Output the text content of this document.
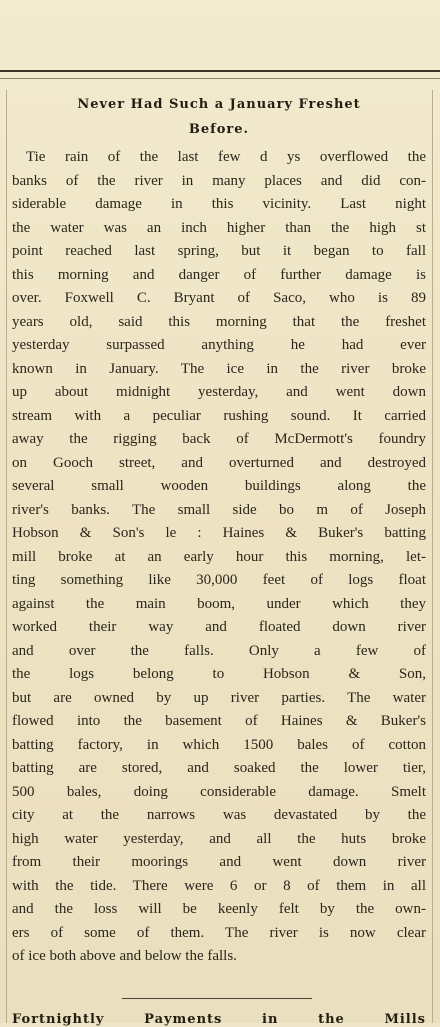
Never Had Such a January Freshet
Before.
Tie rain of the last few d ys overflowed the
banks of the river in many places and did con-
siderable damage in this vicinity. Last night
the water was an inch higher than the high st
point reached last spring, but it began to fall
this morning and danger of further damage is
over. Foxwell C. Bryant of Saco, who is 89
years old, said this morning that the freshet
yesterday surpassed anything he had ever
known in January. The ice in the river broke
up about midnight yesterday, and went down
stream with a peculiar rushing sound. It carried
away the rigging back of McDermott's foundry
on Gooch street, and overturned and destroyed
several small wooden buildings along the
river's banks. The small side bo m of Joseph
Hobson & Son's le : Haines & Buker's batting
mill broke at an early hour this morning, let-
ting something like 30,000 feet of logs float
against the main boom, under which they
worked their way and floated down river
and over the falls. Only a few of
the logs belong to Hobson & Son,
but are owned by up river parties. The water
flowed into the basement of Haines & Buker's
batting factory, in which 1500 bales of cotton
batting are stored, and soaked the lower tier,
500 bales, doing considerable damage. Smelt
city at the narrows was devastated by the
high water yesterday, and all the huts broke
from their moorings and went down river
with the tide. There were 6 or 8 of them in all
and the loss will be keenly felt by the own-
ers of some of them. The river is now clear
of ice both above and below the falls.
Fortnightly Payments in the Mills
